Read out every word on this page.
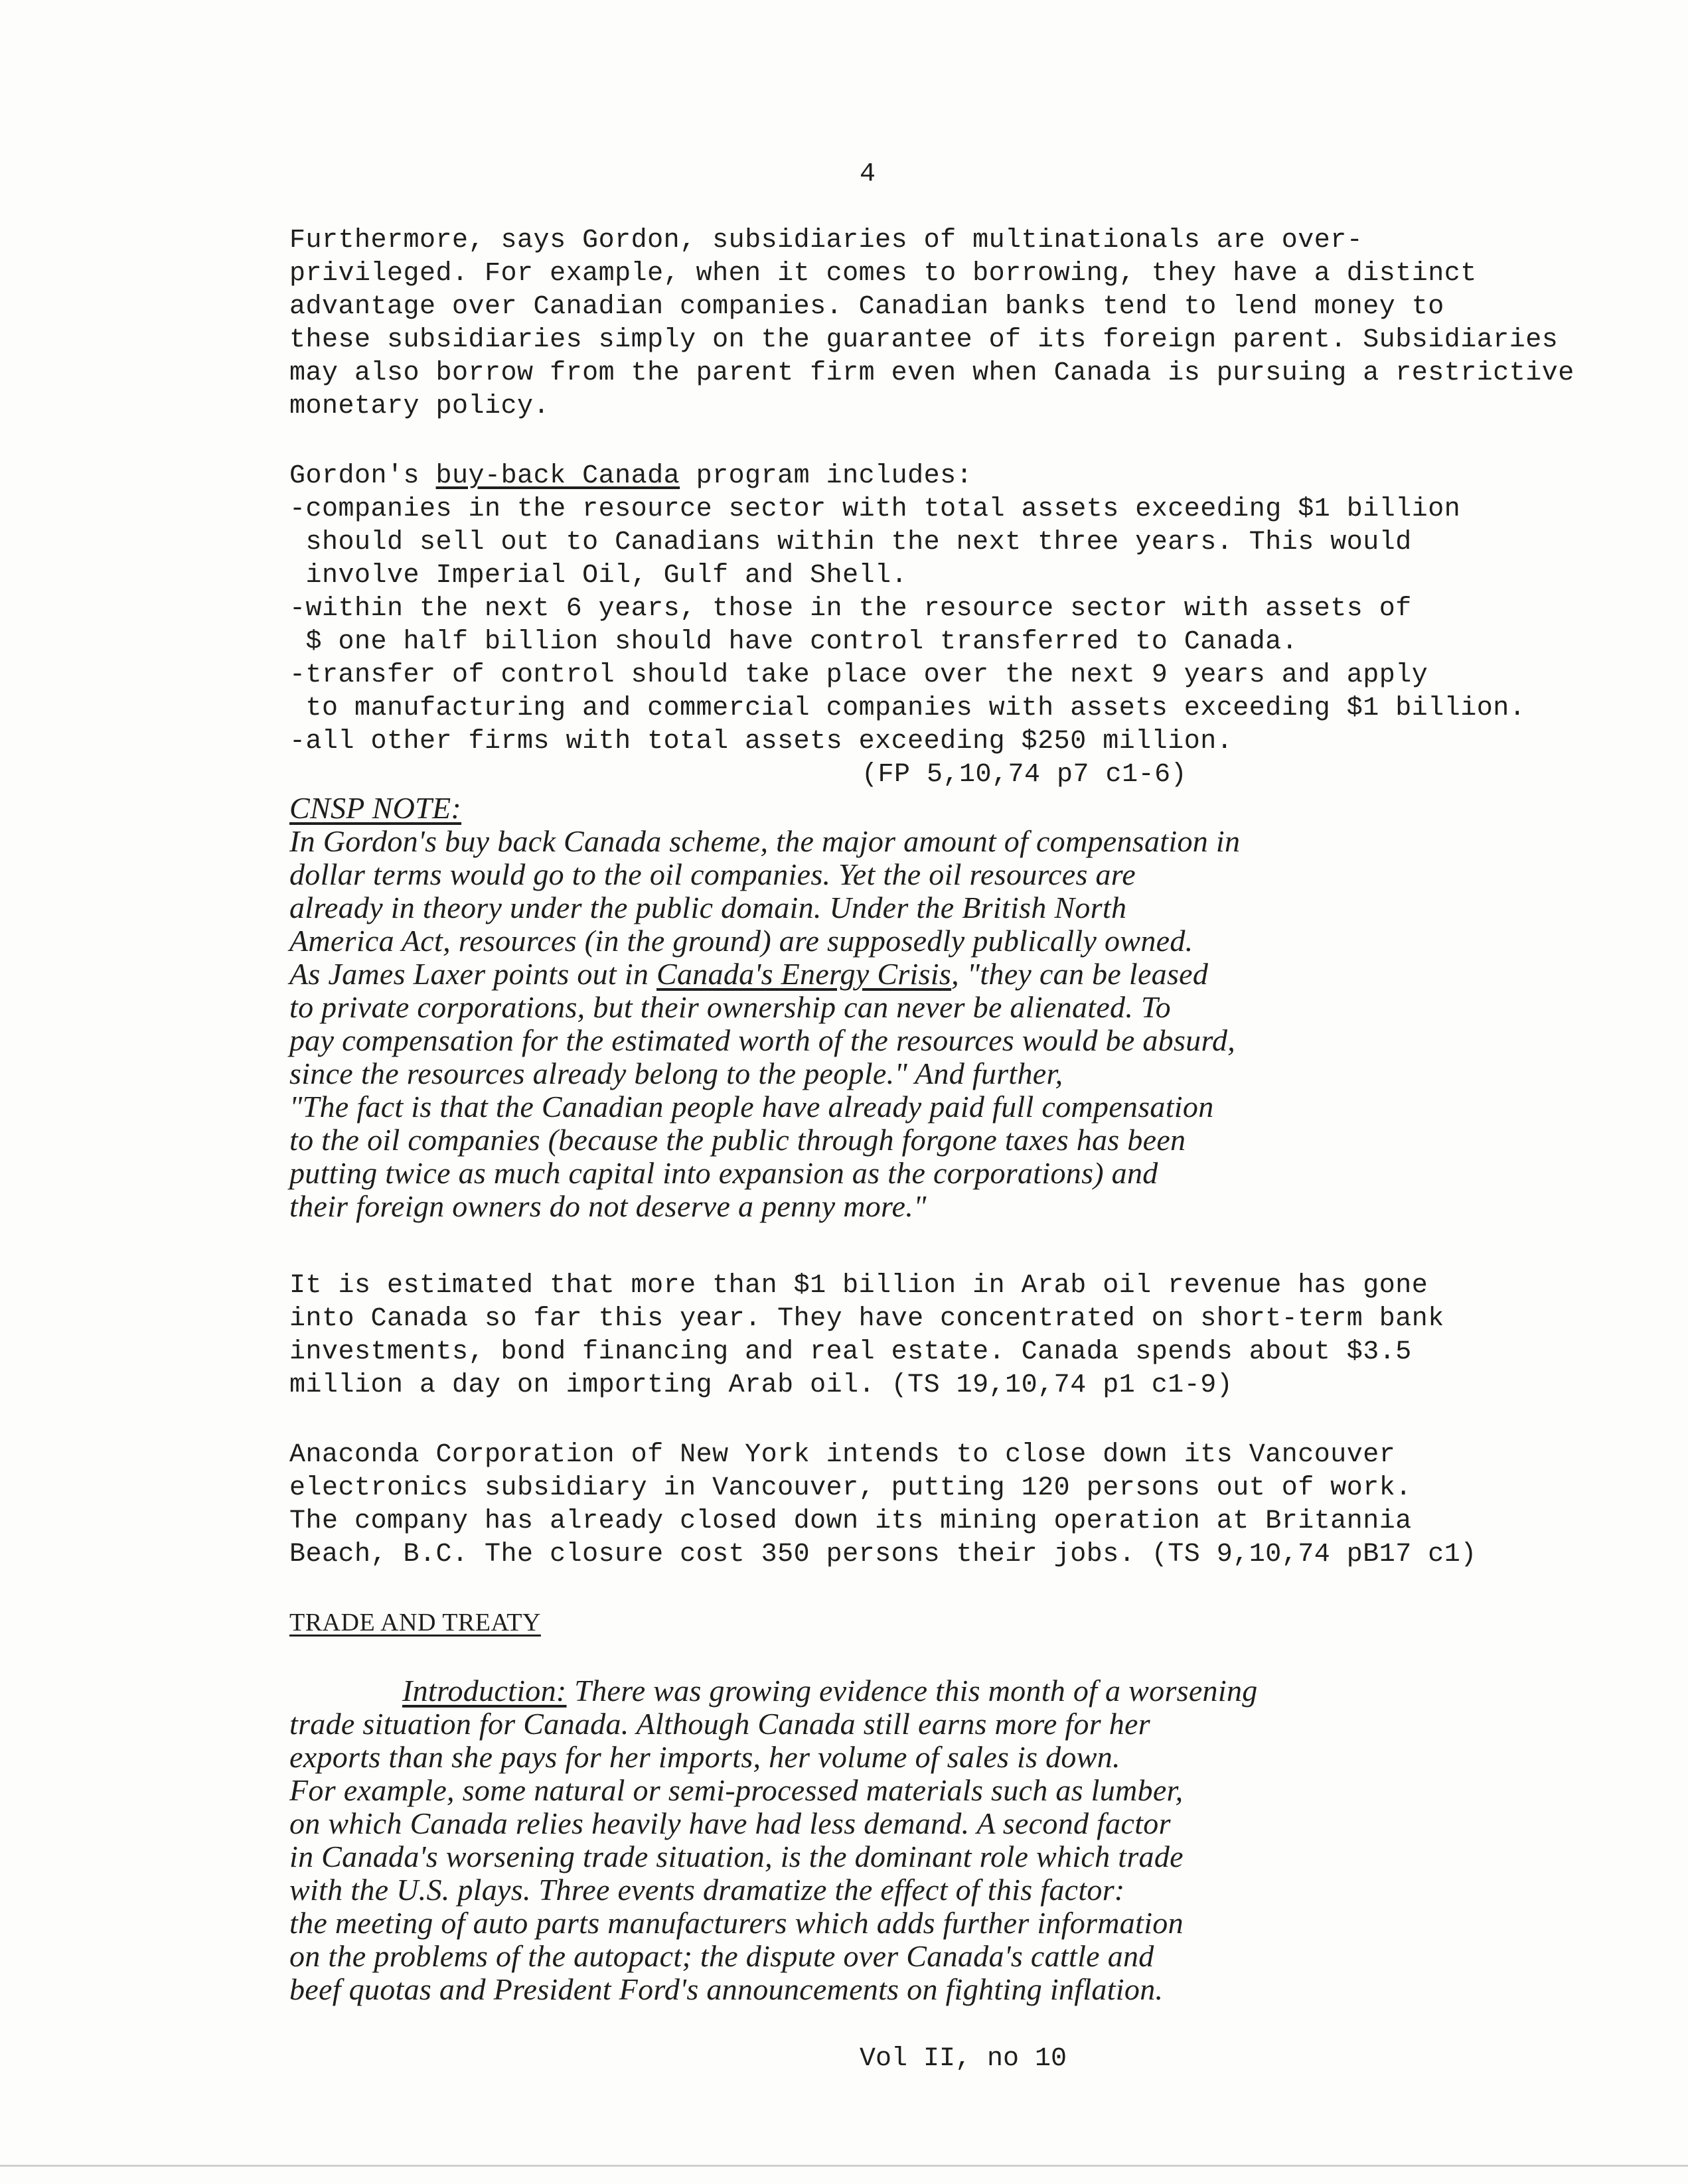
4
Furthermore, says Gordon, subsidiaries of multinationals are over-
privileged. For example, when it comes to borrowing, they have a distinct
advantage over Canadian companies. Canadian banks tend to lend money to
these subsidiaries simply on the guarantee of its foreign parent. Subsidiaries
may also borrow from the parent firm even when Canada is pursuing a restrictive
monetary policy.
Gordon's buy-back Canada program includes:
-companies in the resource sector with total assets exceeding $1 billion
should sell out to Canadians within the next three years. This would
involve Imperial Oil, Gulf and Shell.
-within the next 6 years, those in the resource sector with assets of
$ one half billion should have control transferred to Canada.
-transfer of control should take place over the next 9 years and apply
to manufacturing and commercial companies with assets exceeding $1 billion.
-all other firms with total assets exceeding $250 million.
(FP 5,10,74 p7 c1-6)
CNSP NOTE:
In Gordon's buy back Canada scheme, the major amount of compensation in
dollar terms would go to the oil companies. Yet the oil resources are
already in theory under the public domain. Under the British North
America Act, resources (in the ground) are supposedly publically owned.
As James Laxer points out in Canada's Energy Crisis, "they can be leased
to private corporations, but their ownership can never be alienated. To
pay compensation for the estimated worth of the resources would be absurd,
since the resources already belong to the people." And further,
"The fact is that the Canadian people have already paid full compensation
to the oil companies (because the public through forgone taxes has been
putting twice as much capital into expansion as the corporations) and
their foreign owners do not deserve a penny more."
It is estimated that more than $1 billion in Arab oil revenue has gone
into Canada so far this year. They have concentrated on short-term bank
investments, bond financing and real estate. Canada spends about $3.5
million a day on importing Arab oil. (TS 19,10,74 p1 c1-9)
Anaconda Corporation of New York intends to close down its Vancouver
electronics subsidiary in Vancouver, putting 120 persons out of work.
The company has already closed down its mining operation at Britannia
Beach, B.C. The closure cost 350 persons their jobs. (TS 9,10,74 pB17 c1)
TRADE AND TREATY
Introduction: There was growing evidence this month of a worsening
trade situation for Canada. Although Canada still earns more for her
exports than she pays for her imports, her volume of sales is down.
For example, some natural or semi-processed materials such as lumber,
on which Canada relies heavily have had less demand. A second factor
in Canada's worsening trade situation, is the dominant role which trade
with the U.S. plays. Three events dramatize the effect of this factor:
the meeting of auto parts manufacturers which adds further information
on the problems of the autopact; the dispute over Canada's cattle and
beef quotas and President Ford's announcements on fighting inflation.
Vol II, no 10
